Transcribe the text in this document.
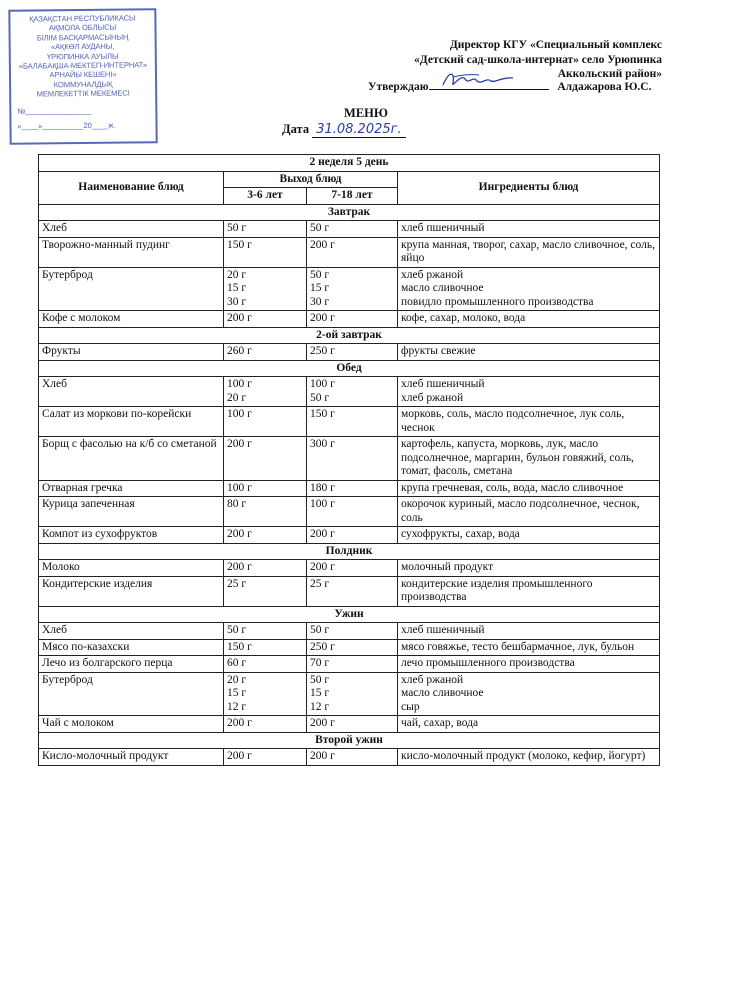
ҚАЗАҚСТАН РЕСПУБЛИКАСЫ
АҚМОЛА ОБЛЫСЫ
БІЛІМ БАСҚАРМАСЫНЫҢ
«АҚКӨЛ АУДАНЫ,
ҮРЮПИНКА АУЫЛЫ
«БАЛАБАҚША-МЕКТЕП-ИНТЕРНАТ»
АРНАЙЫ КЕШЕНІ»
КОММУНАЛДЫҚ
МЕМЛЕКЕТТІК МЕКЕМЕСІ
№________________
«____»__________20____ж.
Директор КГУ «Специальный комплекс
«Детский сад-школа-интернат» село Урюпинка
Аккольский район»
Утверждаю	Алдажарова Ю.С.
МЕНЮ
Дата 31.08.2025г.
2 неделя 5 день			
Наименование блюд	Выход блюд		Ингредиенты блюд
	3-6 лет	7-18 лет	
Завтрак			
Хлеб	50 г	50 г	хлеб пшеничный

Творожно-манный пудинг	150 г	200 г	крупа манная, творог, сахар, масло сливочное, соль, яйцо

Бутерброд	20 г
15 г
30 г	50 г
15 г
30 г	хлеб ржаной
масло сливочное
повидло промышленного производства

Кофе с молоком	200 г	200 г	кофе, сахар, молоко, вода

2-ой завтрак			
Фрукты	260 г	250 г	фрукты свежие

Обед			
Хлеб	100 г
20 г	100 г
50 г	хлеб пшеничный
хлеб ржаной

Салат из моркови по-корейски	100 г	150 г	морковь, соль, масло подсолнечное, лук соль, чеснок

Борщ с фасолью на к/б со сметаной	200 г	300 г	картофель, капуста, морковь, лук, масло подсолнечное, маргарин, бульон говяжий, соль, томат, фасоль, сметана

Отварная гречка	100 г	180 г	крупа гречневая, соль, вода, масло сливочное

Курица запеченная	80 г	100 г	окорочок куриный, масло подсолнечное, чеснок, соль

Компот из сухофруктов	200 г	200 г	сухофрукты, сахар, вода

Полдник			
Молоко	200 г	200 г	молочный продукт

Кондитерские изделия	25 г	25 г	кондитерские изделия промышленного производства

Ужин			
Хлеб	50 г	50 г	хлеб пшеничный

Мясо по-казахски	150 г	250 г	мясо говяжье, тесто бешбармачное, лук, бульон

Лечо из болгарского перца	60 г	70 г	лечо промышленного производства

Бутерброд	20 г
15 г
12 г	50 г
15 г
12 г	хлеб ржаной
масло сливочное
сыр

Чай с молоком	200 г	200 г	чай, сахар, вода

Второй ужин			
Кисло-молочный продукт	200 г	200 г	кисло-молочный продукт (молоко, кефир, йогурт)
